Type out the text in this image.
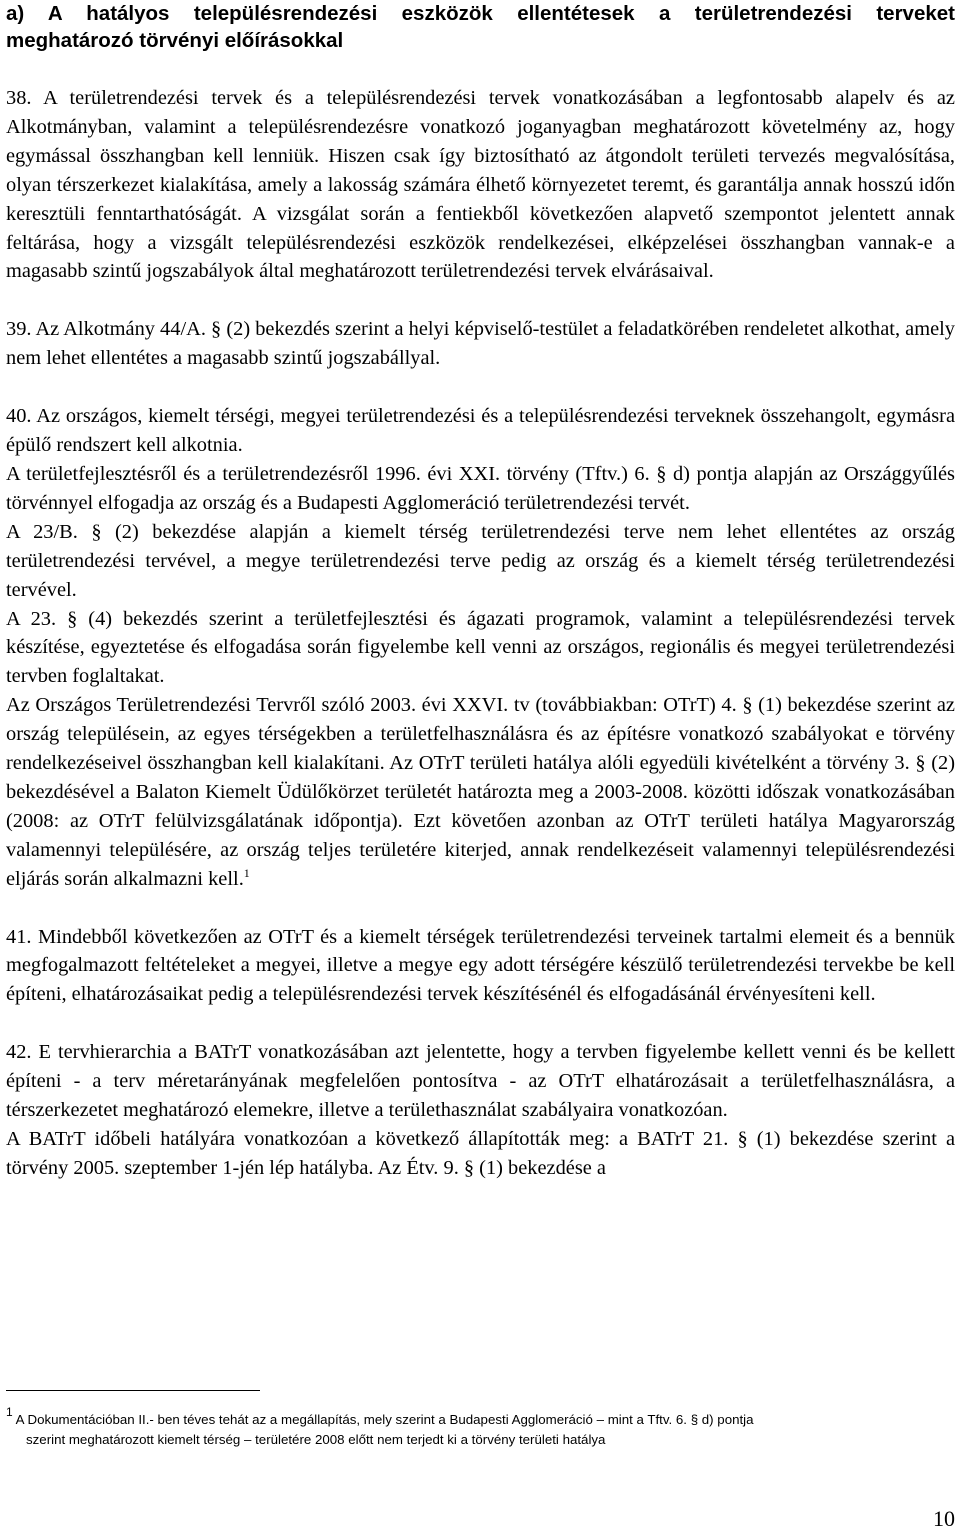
a) A hatályos településrendezési eszközök ellentétesek a területrendezési terveket
meghatározó törvényi előírásokkal

38. A területrendezési tervek és a településrendezési tervek vonatkozásában a legfontosabb alapelv és az Alkotmányban, valamint a településrendezésre vonatkozó joganyagban meghatározott követelmény az, hogy egymással összhangban kell lenniük. Hiszen csak így biztosítható az átgondolt területi tervezés megvalósítása, olyan térszerkezet kialakítása, amely a lakosság számára élhető környezetet teremt, és garantálja annak hosszú időn keresztüli fenntarthatóságát. A vizsgálat során a fentiekből következően alapvető szempontot jelentett annak feltárása, hogy a vizsgált településrendezési eszközök rendelkezései, elképzelései összhangban vannak-e a magasabb szintű jogszabályok által meghatározott területrendezési tervek elvárásaival.

39. Az Alkotmány 44/A. § (2) bekezdés szerint a helyi képviselő-testület a feladatkörében rendeletet alkothat, amely nem lehet ellentétes a magasabb szintű jogszabállyal.

40. Az országos, kiemelt térségi, megyei területrendezési és a településrendezési terveknek összehangolt, egymásra épülő rendszert kell alkotnia.

A területfejlesztésről és a területrendezésről 1996. évi XXI. törvény (Tftv.) 6. § d) pontja alapján az Országgyűlés törvénnyel elfogadja az ország és a Budapesti Agglomeráció területrendezési tervét.

A 23/B. § (2) bekezdése alapján a kiemelt térség területrendezési terve nem lehet ellentétes az ország területrendezési tervével, a megye területrendezési terve pedig az ország és a kiemelt térség területrendezési tervével.

A 23. § (4) bekezdés szerint a területfejlesztési és ágazati programok, valamint a településrendezési tervek készítése, egyeztetése és elfogadása során figyelembe kell venni az országos, regionális és megyei területrendezési tervben foglaltakat.

Az Országos Területrendezési Tervről szóló 2003. évi XXVI. tv (továbbiakban: OTrT) 4. § (1) bekezdése szerint az ország településein, az egyes térségekben a területfelhasználásra és az építésre vonatkozó szabályokat e törvény rendelkezéseivel összhangban kell kialakítani. Az OTrT területi hatálya alóli egyedüli kivételként a törvény 3. § (2) bekezdésével a Balaton Kiemelt Üdülőkörzet területét határozta meg a 2003-2008. közötti időszak vonatkozásában (2008: az OTrT felülvizsgálatának időpontja). Ezt követően azonban az OTrT területi hatálya Magyarország valamennyi településére, az ország teljes területére kiterjed, annak rendelkezéseit valamennyi településrendezési eljárás során alkalmazni kell.$^1$

41. Mindebből következően az OTrT és a kiemelt térségek területrendezési terveinek tartalmi elemeit és a bennük megfogalmazott feltételeket a megyei, illetve a megye egy adott térségére készülő területrendezési tervekbe be kell építeni, elhatározásaikat pedig a településrendezési tervek készítésénél és elfogadásánál érvényesíteni kell.

42. E tervhierarchia a BATrT vonatkozásában azt jelentette, hogy a tervben figyelembe kellett venni és be kellett építeni - a terv méretarányának megfelelően pontosítva - az OTrT elhatározásait a területfelhasználásra, a térszerkezetet meghatározó elemekre, illetve a területhasználat szabályaira vonatkozóan.

A BATrT időbeli hatályára vonatkozóan a következő állapították meg: a BATrT 21. § (1) bekezdése szerint a törvény 2005. szeptember 1-jén lép hatályba. Az Étv. 9. § (1) bekezdése a

$^1$ A Dokumentációban II.- ben téves tehát az a megállapítás, mely szerint a Budapesti Agglomeráció – mint a Tftv. 6. § d) pontja
szerint meghatározott kiemelt térség – területére 2008 előtt nem terjedt ki a törvény területi hatálya
10
